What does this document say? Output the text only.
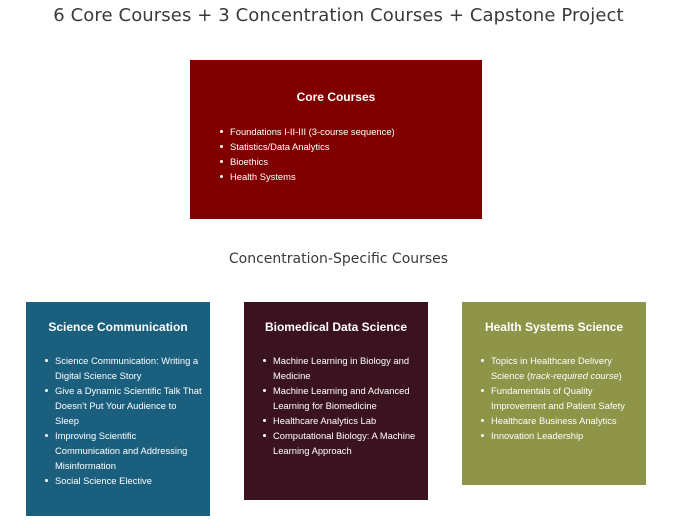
6 Core Courses + 3 Concentration Courses + Capstone Project
Core Courses
Foundations I-II-III (3-course sequence)
Statistics/Data Analytics
Bioethics
Health Systems
Concentration-Specific Courses
Science Communication
Science Communication: Writing a Digital Science Story
Give a Dynamic Scientific Talk That Doesn’t Put Your Audience to Sleep
Improving Scientific Communication and Addressing Misinformation
Social Science Elective
Biomedical Data Science
Machine Learning in Biology and Medicine
Machine Learning and Advanced Learning for Biomedicine
Healthcare Analytics Lab
Computational Biology: A Machine Learning Approach
Health Systems Science
Topics in Healthcare Delivery Science (track-required course)
Fundamentals of Quality Improvement and Patient Safety
Healthcare Business Analytics
Innovation Leadership
